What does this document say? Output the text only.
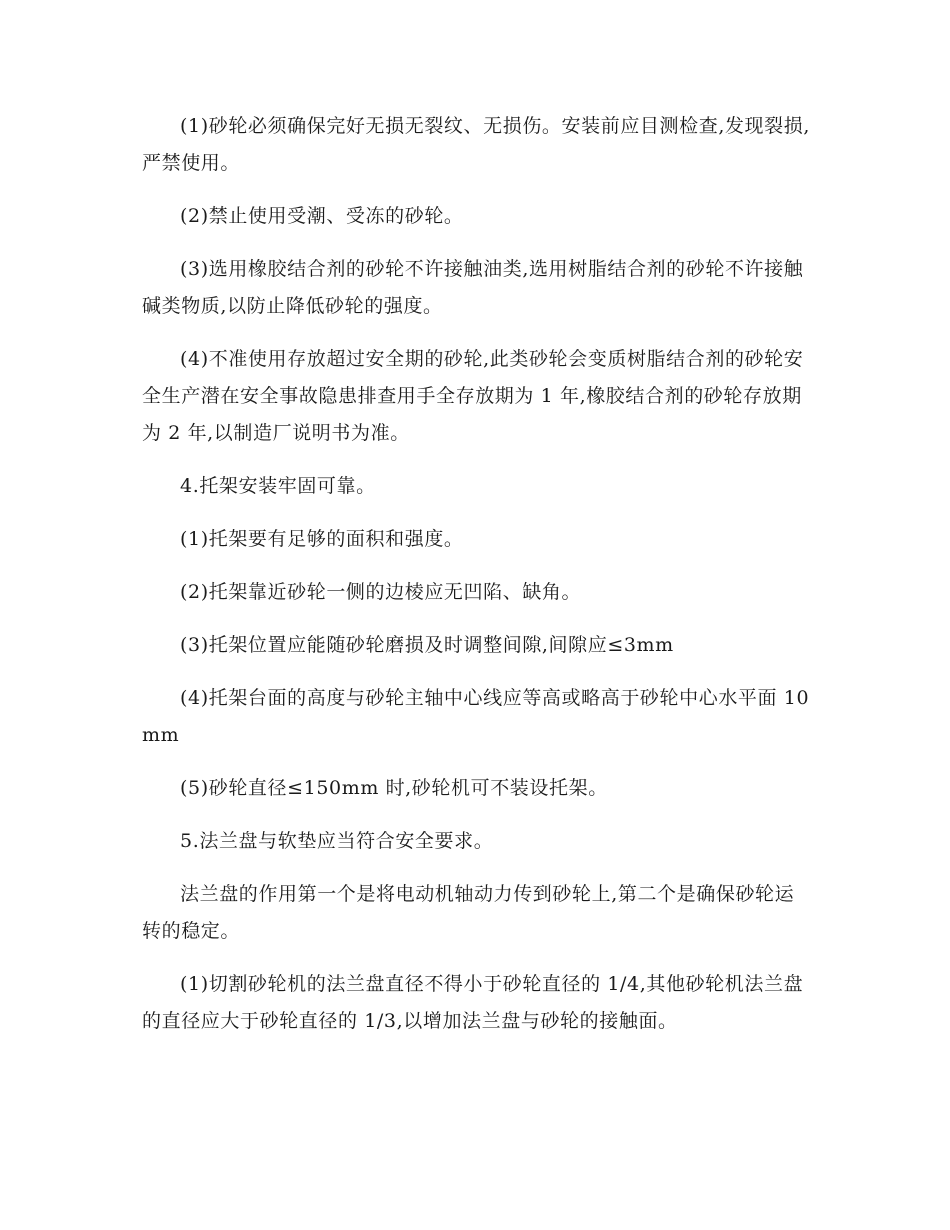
(1)砂轮必须确保完好无损无裂纹、无损伤。安装前应目测检查,发现裂损,严禁使用。

(2)禁止使用受潮、受冻的砂轮。

(3)选用橡胶结合剂的砂轮不许接触油类,选用树脂结合剂的砂轮不许接触碱类物质,以防止降低砂轮的强度。

(4)不准使用存放超过安全期的砂轮,此类砂轮会变质树脂结合剂的砂轮安全生产潜在安全事故隐患排查用手全存放期为 1 年,橡胶结合剂的砂轮存放期为 2 年,以制造厂说明书为准。

4.托架安装牢固可靠。

(1)托架要有足够的面积和强度。

(2)托架靠近砂轮一侧的边棱应无凹陷、缺角。

(3)托架位置应能随砂轮磨损及时调整间隙,间隙应≤3mm

(4)托架台面的高度与砂轮主轴中心线应等高或略高于砂轮中心水平面 10mm

(5)砂轮直径≤150mm 时,砂轮机可不装设托架。

5.法兰盘与软垫应当符合安全要求。

法兰盘的作用第一个是将电动机轴动力传到砂轮上,第二个是确保砂轮运转的稳定。

(1)切割砂轮机的法兰盘直径不得小于砂轮直径的 1/4,其他砂轮机法兰盘的直径应大于砂轮直径的 1/3,以增加法兰盘与砂轮的接触面。
